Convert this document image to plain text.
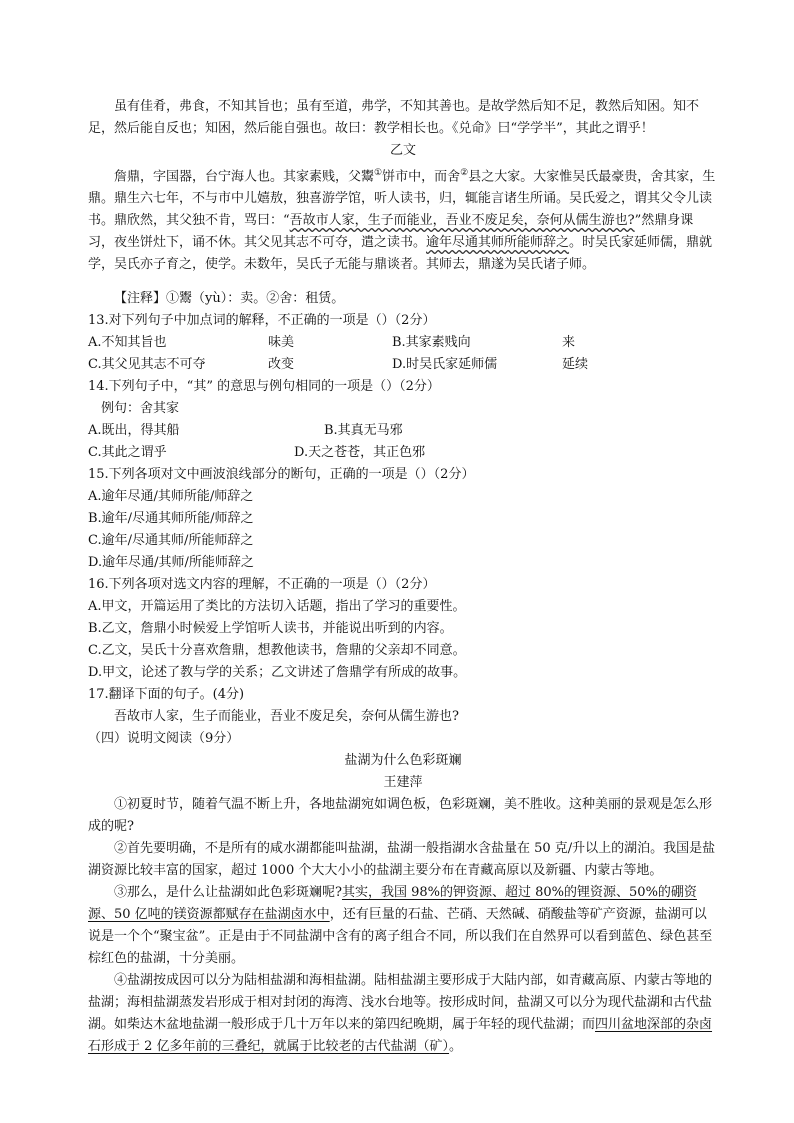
虽有佳肴，弗食，不知其旨也；虽有至道，弗学，不知其善也。是故学然后知不足，教然后知困。知不足，然后能自反也；知困，然后能自强也。故曰：教学相长也。《兑命》曰“学学半”，其此之谓乎！

乙文

詹鼎，字国器，台宁海人也。其家素贱，父鬻①饼市中，而舍②县之大家。大家惟吴氏最豪贵，舍其家，生鼎。鼎生六七年，不与市中儿嬉敖，独喜游学馆，听人读书，归，辄能言诸生所诵。吴氏爱之，谓其父令儿读书。鼎欣然，其父独不肯，骂曰：“吾故市人家，生子而能业，吾业不废足矣，奈何从儒生游也?”然鼎身课习，夜坐饼灶下，诵不休。其父见其志不可夺，遣之读书。逾年尽通其师所能师辞之。时吴氏家延师儒，鼎就学，吴氏亦子育之，使学。未数年，吴氏子无能与鼎谈者。其师去，鼎遂为吴氏诸子师。

【注释】①鬻（yù）：卖。②舍：租赁。

13.对下列句子中加点词的解释，不正确的一项是（）（2分）

A.不知其旨也	味美	B.其家素贱向	来
C.其父见其志不可夺	改变	D.时吴氏家延师儒	延续

14.下列句子中，“其” 的意思与例句相同的一项是（）（2分）

例句：舍其家

A.既出，得其船	B.其真无马邪
C.其此之谓乎	D.天之苍苍，其正色邪

15.下列各项对文中画波浪线部分的断句，正确的一项是（）（2分）

A.逾年尽通/其师所能/师辞之

B.逾年/尽通其师所能/师辞之

C.逾年/尽通其师/所能师辞之

D.逾年尽通/其师/所能师辞之

16.下列各项对选文内容的理解，不正确的一项是（）（2分）

A.甲文，开篇运用了类比的方法切入话题，指出了学习的重要性。

B.乙文，詹鼎小时候爱上学馆听人读书，并能说出听到的内容。

C.乙文，吴氏十分喜欢詹鼎，想教他读书，詹鼎的父亲却不同意。

D.甲文，论述了教与学的关系；乙文讲述了詹鼎学有所成的故事。

17.翻译下面的句子。(4分)

吾故市人家，生子而能业，吾业不废足矣，奈何从儒生游也?

（四）说明文阅读（9分）

盐湖为什么色彩斑斓

王建萍

①初夏时节，随着气温不断上升，各地盐湖宛如调色板，色彩斑斓，美不胜收。这种美丽的景观是怎么形成的呢?

②首先要明确，不是所有的咸水湖都能叫盐湖，盐湖一般指湖水含盐量在 50 克/升以上的湖泊。我国是盐湖资源比较丰富的国家，超过 1000 个大大小小的盐湖主要分布在青藏高原以及新疆、内蒙古等地。

③那么，是什么让盐湖如此色彩斑斓呢?其实，我国 98%的钾资源、超过 80%的锂资源、50%的硼资源、50 亿吨的镁资源都赋存在盐湖卤水中，还有巨量的石盐、芒硝、天然碱、硝酸盐等矿产资源，盐湖可以说是一个个“聚宝盆”。正是由于不同盐湖中含有的离子组合不同，所以我们在自然界可以看到蓝色、绿色甚至棕红色的盐湖，十分美丽。

④盐湖按成因可以分为陆相盐湖和海相盐湖。陆相盐湖主要形成于大陆内部，如青藏高原、内蒙古等地的盐湖；海相盐湖蒸发岩形成于相对封闭的海湾、浅水台地等。按形成时间，盐湖又可以分为现代盐湖和古代盐湖。如柴达木盆地盐湖一般形成于几十万年以来的第四纪晚期，属于年轻的现代盐湖；而四川盆地深部的杂卤石形成于 2 亿多年前的三叠纪，就属于比较老的古代盐湖（矿）。
